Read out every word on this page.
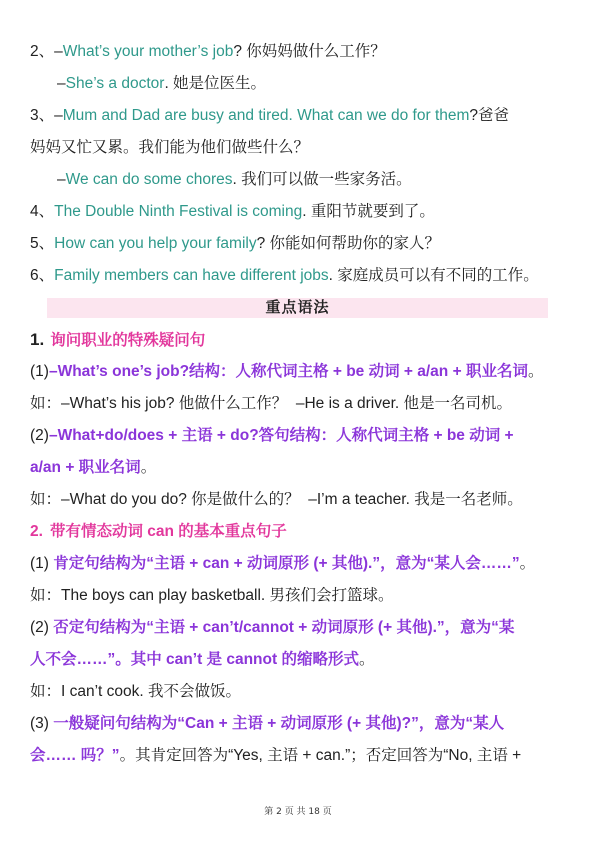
2、 – What’s your mother’s job ? 你妈妈做什么工作？
– She’s a doctor . 她是位医生。
3、 – Mum and Dad are busy and tired. What can we do for them ?爸爸
妈妈又忙又累。我们能为他们做些什么？
– We can do some chores . 我们可以做一些家务活。
4、 The Double Ninth Festival is coming . 重阳节就要到了。
5、 How can you help your family ? 你能如何帮助你的家人？
6、 Family members can have different jobs . 家庭成员可以有不同的工作。
重点语法
1. 询问职业的特殊疑问句
(1) –What’s one’s job?结构：人称代词主格 + be 动词 + a/an + 职业名词 。
如：–What’s his job? 他做什么工作？  –He is a driver. 他是一名司机。
(2) –What+do/does + 主语 + do?答句结构：人称代词主格 + be 动词 +
a/an + 职业名词 。
如：–What do you do? 你是做什么的？  –I’m a teacher. 我是一名老师。
2. 带有情态动词 can 的基本重点句子
(1) 肯定句结构为“主语 + can + 动词原形 (+ 其他).”，意为“某人会……” 。
如：The boys can play basketball. 男孩们会打篮球。
(2) 否定句结构为“主语 + can’t/cannot + 动词原形 (+ 其他).”，意为“某
人不会……”。其中 can’t 是 cannot 的缩略形式 。
如：I can’t cook. 我不会做饭。
(3) 一般疑问句结构为“Can + 主语 + 动词原形 (+ 其他)?”，意为“某人
会…… 吗？” 。其肯定回答为“Yes, 主语 + can.”；否定回答为“No, 主语 +
第 2 页 共 18 页
